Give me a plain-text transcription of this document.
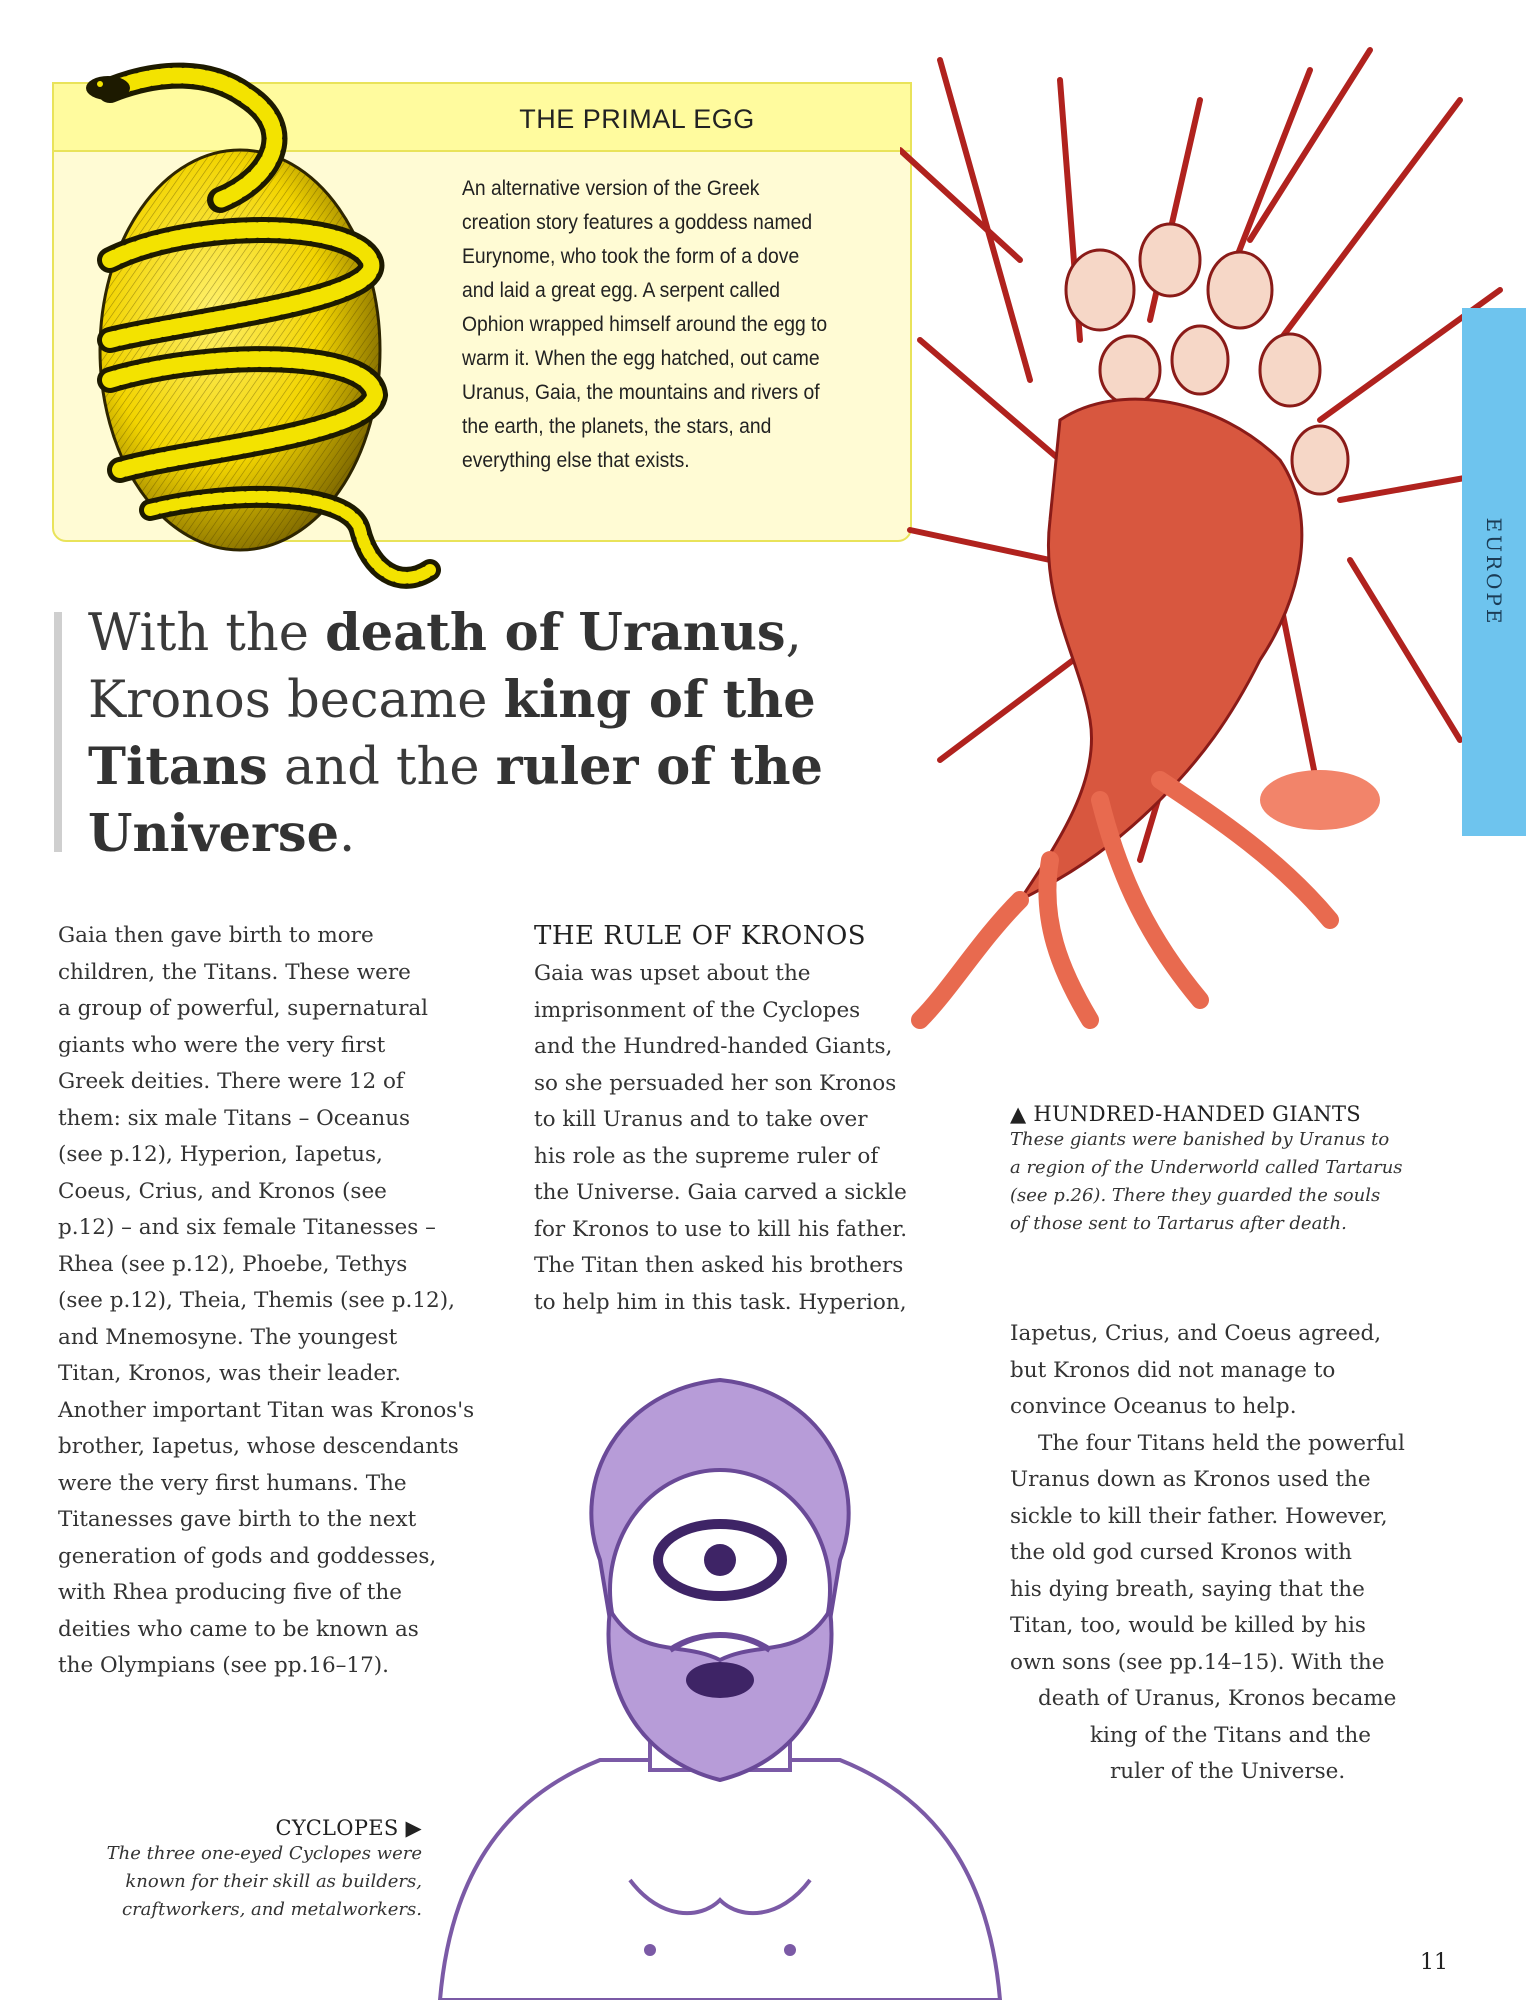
THE PRIMAL EGG
An alternative version of the Greek
creation story features a goddess named
Eurynome, who took the form of a dove
and laid a great egg. A serpent called
Ophion wrapped himself around the egg to
warm it. When the egg hatched, out came
Uranus, Gaia, the mountains and rivers of
the earth, the planets, the stars, and
everything else that exists.
EUROPE
With the death of Uranus, Kronos became king of the Titans and the ruler of the Universe.
Gaia then gave birth to more
children, the Titans. These were
a group of powerful, supernatural
giants who were the very first
Greek deities. There were 12 of
them: six male Titans – Oceanus
(see p.12), Hyperion, Iapetus,
Coeus, Crius, and Kronos (see
p.12) – and six female Titanesses –
Rhea (see p.12), Phoebe, Tethys
(see p.12), Theia, Themis (see p.12),
and Mnemosyne. The youngest
Titan, Kronos, was their leader.
Another important Titan was Kronos's
brother, Iapetus, whose descendants
were the very first humans. The
Titanesses gave birth to the next
generation of gods and goddesses,
with Rhea producing five of the
deities who came to be known as
the Olympians (see pp.16–17).
THE RULE OF KRONOS
Gaia was upset about the
imprisonment of the Cyclopes
and the Hundred-handed Giants,
so she persuaded her son Kronos
to kill Uranus and to take over
his role as the supreme ruler of
the Universe. Gaia carved a sickle
for Kronos to use to kill his father.
The Titan then asked his brothers
to help him in this task. Hyperion,
▲ HUNDRED-HANDED GIANTS
These giants were banished by Uranus to
a region of the Underworld called Tartarus
(see p.26). There they guarded the souls
of those sent to Tartarus after death.
Iapetus, Crius, and Coeus agreed,
but Kronos did not manage to
convince Oceanus to help.
The four Titans held the powerful
Uranus down as Kronos used the
sickle to kill their father. However,
the old god cursed Kronos with
his dying breath, saying that the
Titan, too, would be killed by his
own sons (see pp.14–15). With the
death of Uranus, Kronos became
king of the Titans and the
ruler of the Universe.
CYCLOPES ▶
The three one-eyed Cyclopes were
known for their skill as builders,
craftworkers, and metalworkers.
11
